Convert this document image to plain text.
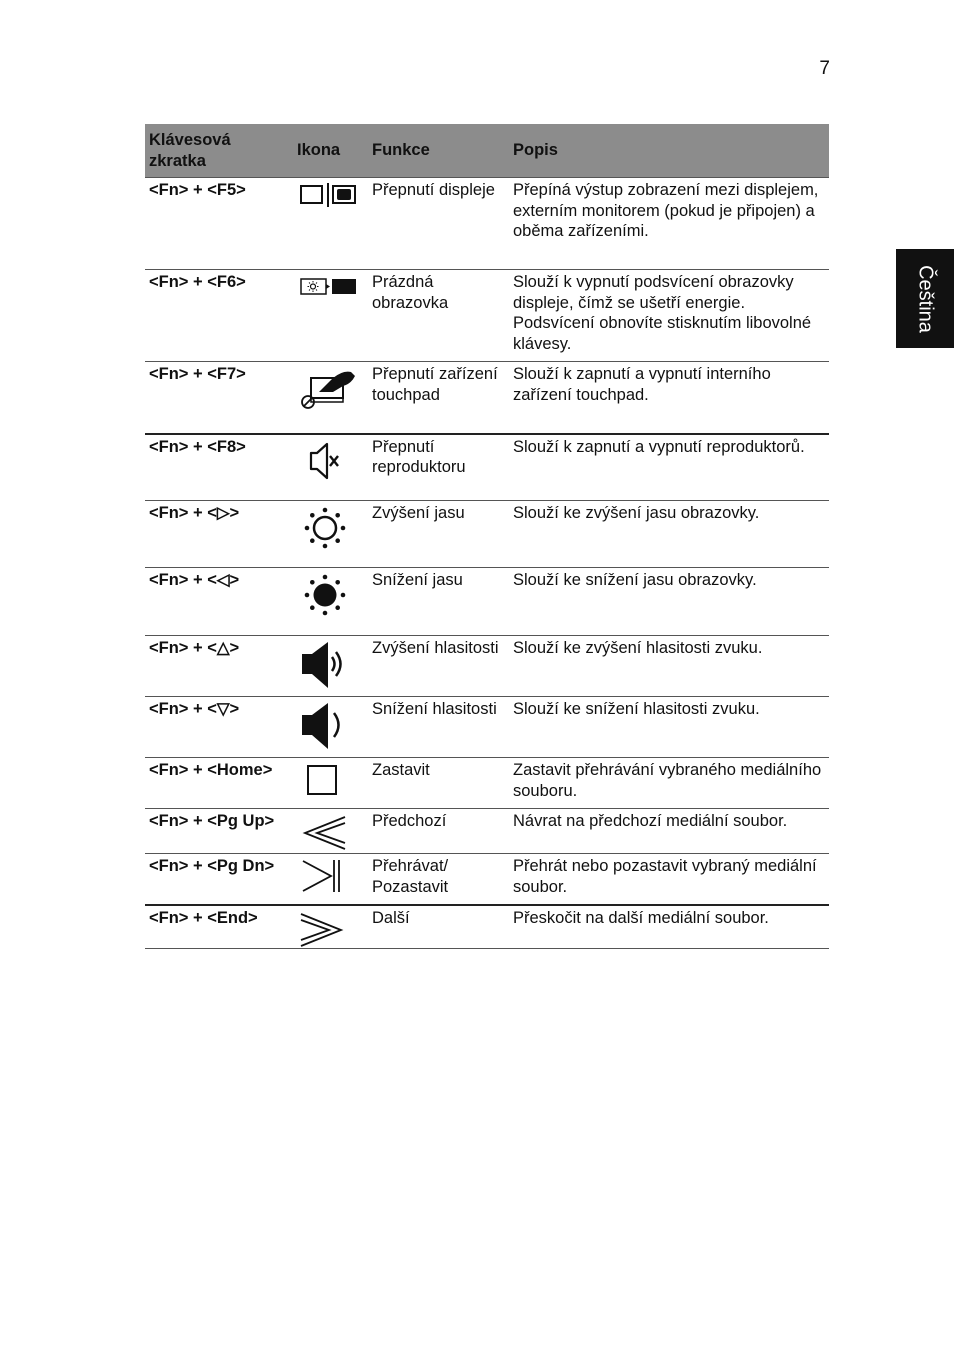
7
Čeština
Klávesová zkratka	Ikona	Funkce	Popis
<Fn> + <F5>		Přepnutí displeje	Přepíná výstup zobrazení mezi displejem, externím monitorem (pokud je připojen) a oběma zařízeními.
<Fn> + <F6>		Prázdná obrazovka	Slouží k vypnutí podsvícení obrazovky displeje, čímž se ušetří energie. Podsvícení obnovíte stisknutím libovolné klávesy.
<Fn> + <F7>		Přepnutí zařízení touchpad	Slouží k zapnutí a vypnutí interního zařízení touchpad.
<Fn> + <F8>		Přepnutí reproduktoru	Slouží k zapnutí a vypnutí reproduktorů.
<Fn> + <▷>		Zvýšení jasu	Slouží ke zvýšení jasu obrazovky.
<Fn> + <◁>		Snížení jasu	Slouží ke snížení jasu obrazovky.
<Fn> + <△>		Zvýšení hlasitosti	Slouží ke zvýšení hlasitosti zvuku.
<Fn> + <▽>		Snížení hlasitosti	Slouží ke snížení hlasitosti zvuku.
<Fn> + <Home>		Zastavit	Zastavit přehrávání vybraného mediálního souboru.
<Fn> + <Pg Up>		Předchozí	Návrat na předchozí mediální soubor.
<Fn> + <Pg Dn>		Přehrávat/ Pozastavit	Přehrát nebo pozastavit vybraný mediální soubor.
<Fn> + <End>		Další	Přeskočit na další mediální soubor.
